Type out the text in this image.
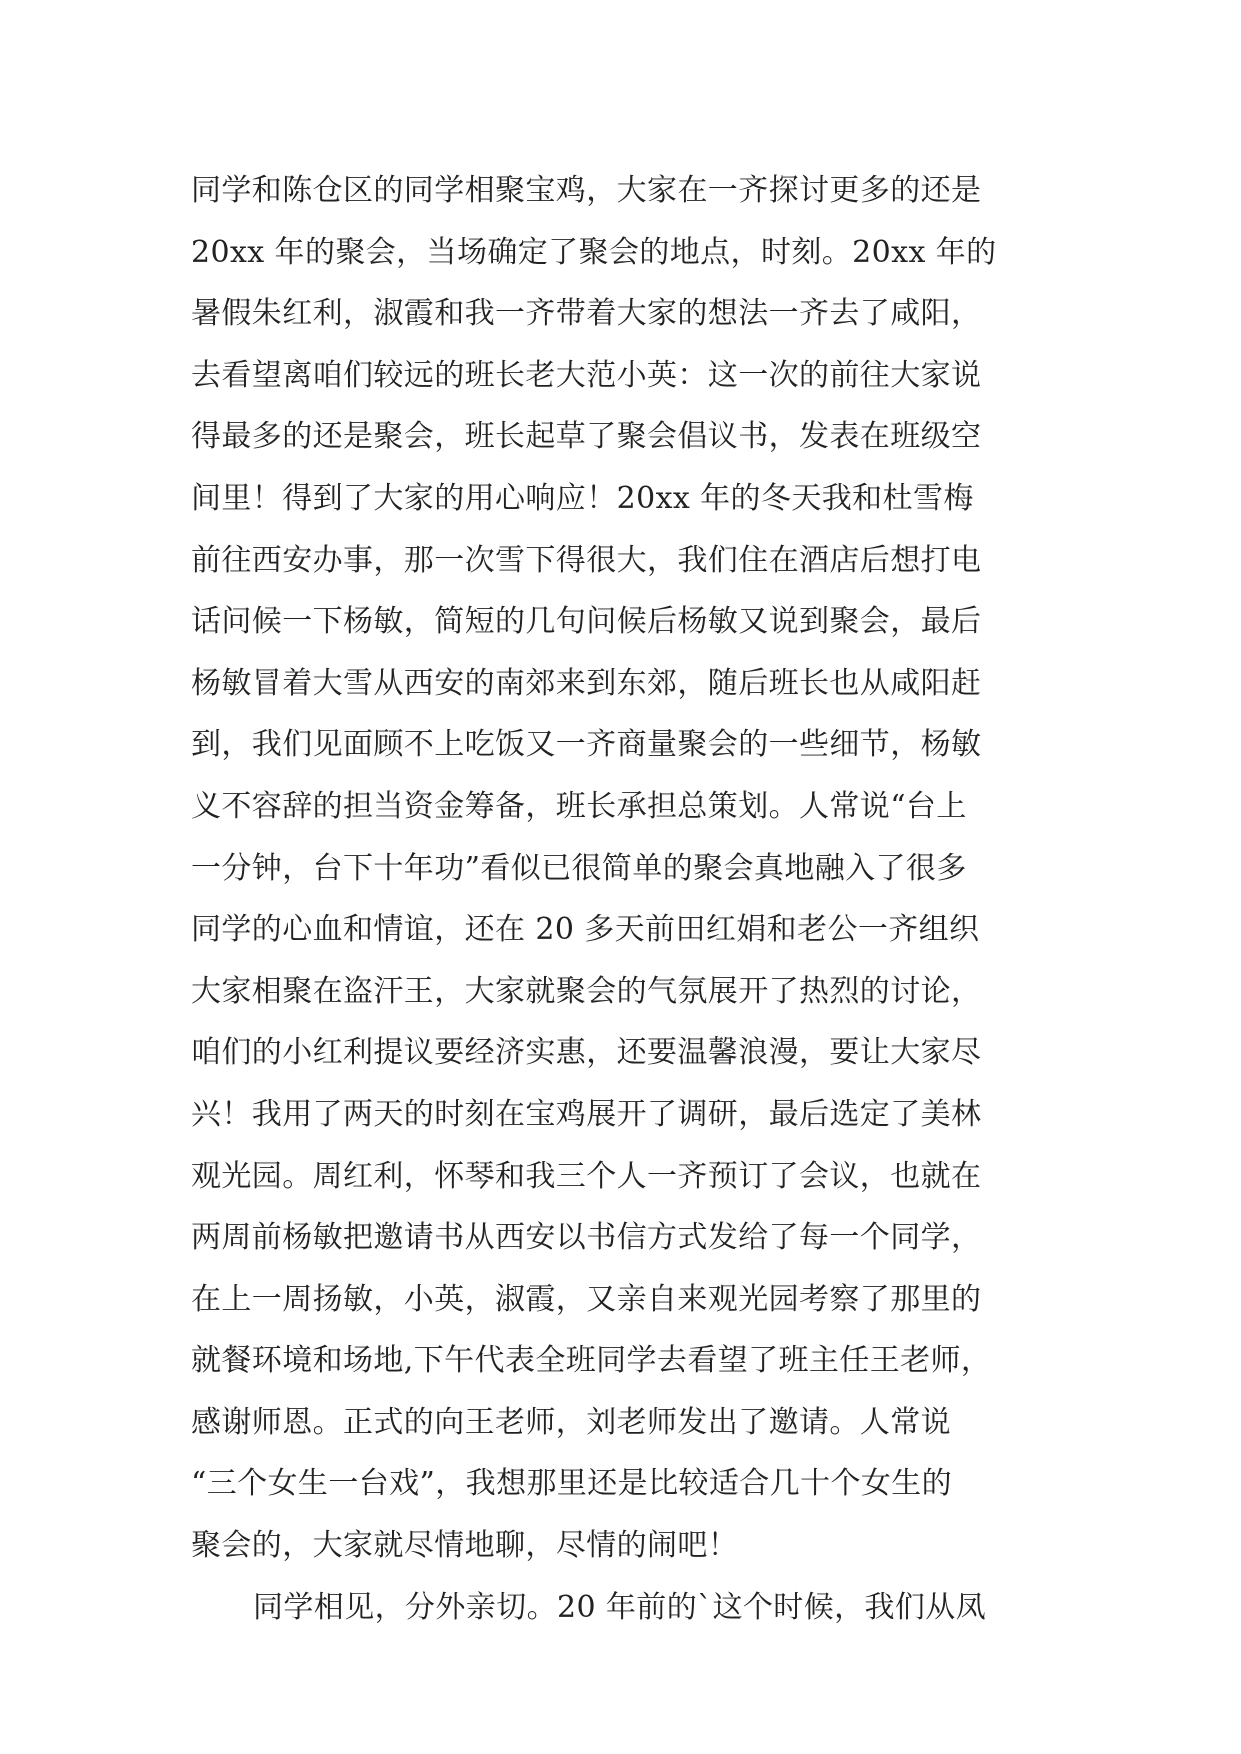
同学和陈仓区的同学相聚宝鸡，大家在一齐探讨更多的还是
20xx 年的聚会，当场确定了聚会的地点，时刻。20xx 年的
暑假朱红利，淑霞和我一齐带着大家的想法一齐去了咸阳，
去看望离咱们较远的班长老大范小英：这一次的前往大家说
得最多的还是聚会，班长起草了聚会倡议书，发表在班级空
间里！得到了大家的用心响应！20xx 年的冬天我和杜雪梅
前往西安办事，那一次雪下得很大，我们住在酒店后想打电
话问候一下杨敏，简短的几句问候后杨敏又说到聚会，最后
杨敏冒着大雪从西安的南郊来到东郊，随后班长也从咸阳赶
到，我们见面顾不上吃饭又一齐商量聚会的一些细节，杨敏
义不容辞的担当资金筹备，班长承担总策划。人常说“台上
一分钟，台下十年功”看似已很简单的聚会真地融入了很多
同学的心血和情谊，还在 20 多天前田红娟和老公一齐组织
大家相聚在盗汗王，大家就聚会的气氛展开了热烈的讨论，
咱们的小红利提议要经济实惠，还要温馨浪漫，要让大家尽
兴！我用了两天的时刻在宝鸡展开了调研，最后选定了美林
观光园。周红利，怀琴和我三个人一齐预订了会议，也就在
两周前杨敏把邀请书从西安以书信方式发给了每一个同学，
在上一周扬敏，小英，淑霞，又亲自来观光园考察了那里的
就餐环境和场地,下午代表全班同学去看望了班主任王老师，
感谢师恩。正式的向王老师，刘老师发出了邀请。人常说
“三个女生一台戏”，我想那里还是比较适合几十个女生的
聚会的，大家就尽情地聊，尽情的闹吧！
同学相见，分外亲切。20 年前的`这个时候，我们从凤
